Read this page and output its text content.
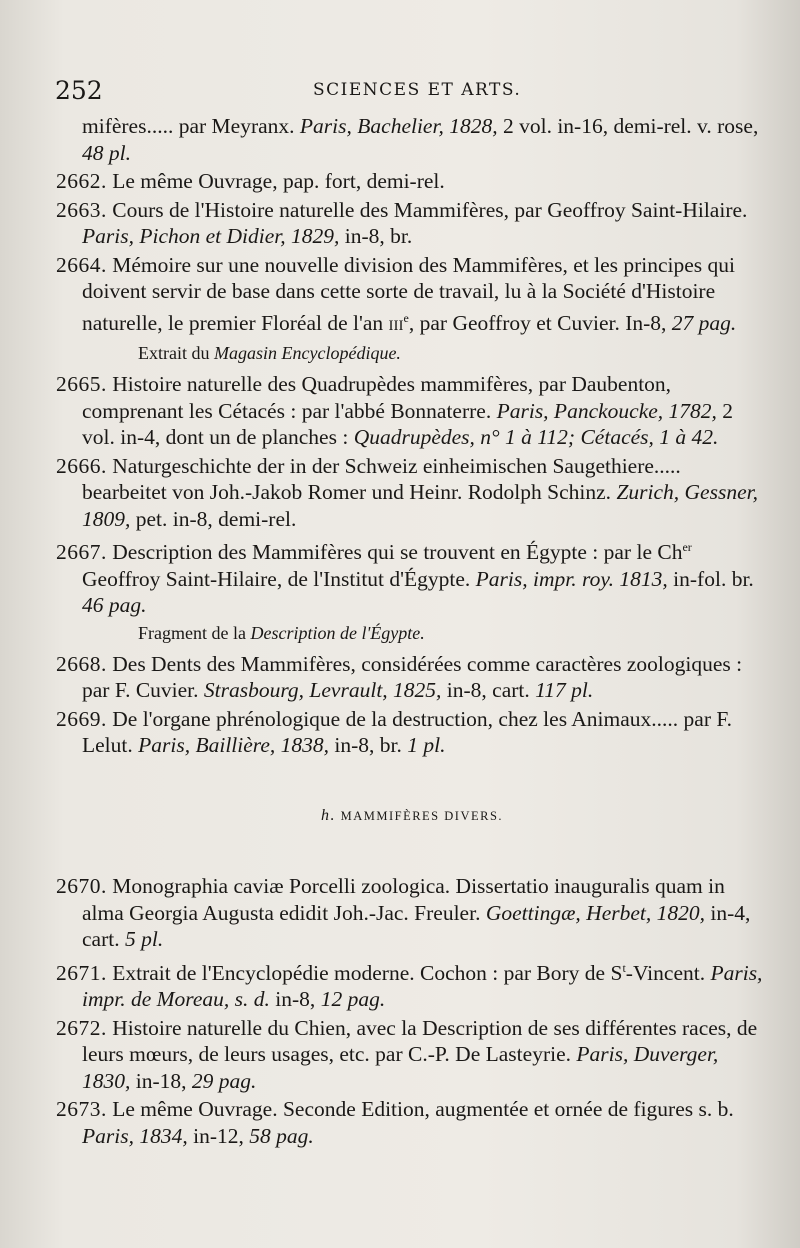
252	SCIENCES ET ARTS.

mifères..... par Meyranx. Paris, Bachelier, 1828, 2 vol. in-16, demi-rel. v. rose, 48 pl.

2662. Le même Ouvrage, pap. fort, demi-rel.

2663. Cours de l'Histoire naturelle des Mammifères, par Geoffroy Saint-Hilaire. Paris, Pichon et Didier, 1829, in-8, br.

2664. Mémoire sur une nouvelle division des Mammifères, et les principes qui doivent servir de base dans cette sorte de travail, lu à la Société d'Histoire naturelle, le premier Floréal de l'an IIIe, par Geoffroy et Cuvier. In-8, 27 pag.

Extrait du Magasin Encyclopédique.

2665. Histoire naturelle des Quadrupèdes mammifères, par Daubenton, comprenant les Cétacés : par l'abbé Bonnaterre. Paris, Panckoucke, 1782, 2 vol. in-4, dont un de planches : Quadrupèdes, n° 1 à 112; Cétacés, 1 à 42.

2666. Naturgeschichte der in der Schweiz einheimischen Saugethiere..... bearbeitet von Joh.-Jakob Romer und Heinr. Rodolph Schinz. Zurich, Gessner, 1809, pet. in-8, demi-rel.

2667. Description des Mammifères qui se trouvent en Égypte : par le $Ch^{er}$ Geoffroy Saint-Hilaire, de l'Institut d'Égypte. Paris, impr. roy. 1813, in-fol. br. 46 pag.

Fragment de la Description de l'Égypte.

2668. Des Dents des Mammifères, considérées comme caractères zoologiques : par F. Cuvier. Strasbourg, Levrault, 1825, in-8, cart. 117 pl.

2669. De l'organe phrénologique de la destruction, chez les Animaux..... par F. Lelut. Paris, Baillière, 1838, in-8, br. 1 pl.

h. MAMMIFÈRES DIVERS.

2670. Monographia caviæ Porcelli zoologica. Dissertatio inauguralis quam in alma Georgia Augusta edidit Joh.-Jac. Freuler. Goettingæ, Herbet, 1820, in-4, cart. 5 pl.

2671. Extrait de l'Encyclopédie moderne. Cochon : par Bory de $S^t$-Vincent. Paris, impr. de Moreau, s. d. in-8, 12 pag.

2672. Histoire naturelle du Chien, avec la Description de ses différentes races, de leurs mœurs, de leurs usages, etc. par C.-P. De Lasteyrie. Paris, Duverger, 1830, in-18, 29 pag.

2673. Le même Ouvrage. Seconde Edition, augmentée et ornée de figures s. b. Paris, 1834, in-12, 58 pag.
